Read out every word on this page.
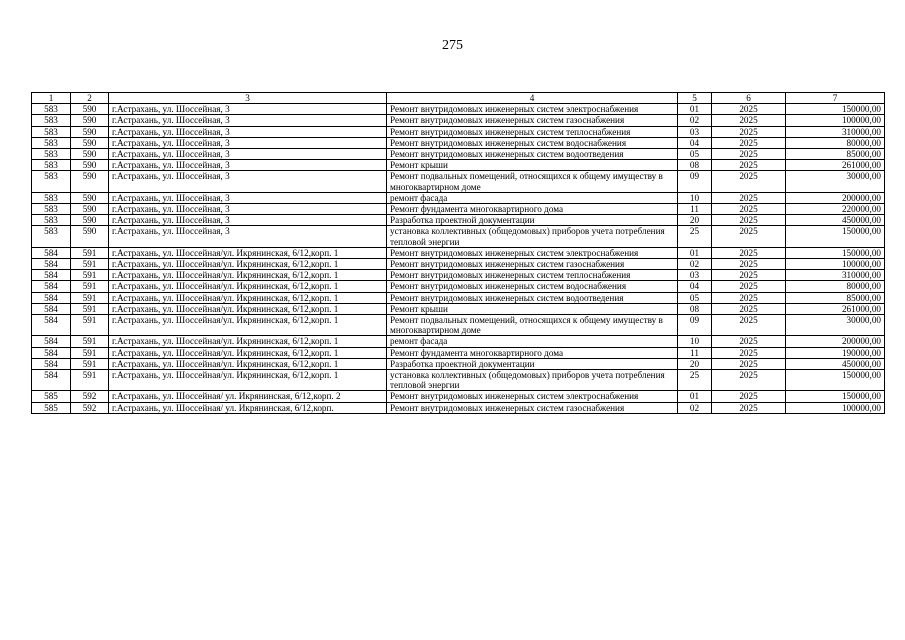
275
1	2	3	4	5	6	7
583	590	г.Астрахань, ул. Шоссейная, 3	Ремонт внутридомовых инженерных систем электроснабжения	01	2025	150000,00
583	590	г.Астрахань, ул. Шоссейная, 3	Ремонт внутридомовых инженерных систем газоснабжения	02	2025	100000,00
583	590	г.Астрахань, ул. Шоссейная, 3	Ремонт внутридомовых инженерных систем теплоснабжения	03	2025	310000,00
583	590	г.Астрахань, ул. Шоссейная, 3	Ремонт внутридомовых инженерных систем водоснабжения	04	2025	80000,00
583	590	г.Астрахань, ул. Шоссейная, 3	Ремонт внутридомовых инженерных систем водоотведения	05	2025	85000,00
583	590	г.Астрахань, ул. Шоссейная, 3	Ремонт крыши	08	2025	261000,00
583	590	г.Астрахань, ул. Шоссейная, 3	Ремонт подвальных помещений, относящихся к общему имуществу в многоквартирном доме	09	2025	30000,00
583	590	г.Астрахань, ул. Шоссейная, 3	ремонт фасада	10	2025	200000,00
583	590	г.Астрахань, ул. Шоссейная, 3	Ремонт фундамента многоквартирного дома	11	2025	220000,00
583	590	г.Астрахань, ул. Шоссейная, 3	Разработка проектной документации	20	2025	450000,00
583	590	г.Астрахань, ул. Шоссейная, 3	установка коллективных (общедомовых) приборов учета потребления тепловой энергии	25	2025	150000,00
584	591	г.Астрахань, ул. Шоссейная/ул. Икрянинская, 6/12,корп. 1	Ремонт внутридомовых инженерных систем электроснабжения	01	2025	150000,00
584	591	г.Астрахань, ул. Шоссейная/ул. Икрянинская, 6/12,корп. 1	Ремонт внутридомовых инженерных систем газоснабжения	02	2025	100000,00
584	591	г.Астрахань, ул. Шоссейная/ул. Икрянинская, 6/12,корп. 1	Ремонт внутридомовых инженерных систем теплоснабжения	03	2025	310000,00
584	591	г.Астрахань, ул. Шоссейная/ул. Икрянинская, 6/12,корп. 1	Ремонт внутридомовых инженерных систем водоснабжения	04	2025	80000,00
584	591	г.Астрахань, ул. Шоссейная/ул. Икрянинская, 6/12,корп. 1	Ремонт внутридомовых инженерных систем водоотведения	05	2025	85000,00
584	591	г.Астрахань, ул. Шоссейная/ул. Икрянинская, 6/12,корп. 1	Ремонт крыши	08	2025	261000,00
584	591	г.Астрахань, ул. Шоссейная/ул. Икрянинская, 6/12,корп. 1	Ремонт подвальных помещений, относящихся к общему имуществу в многоквартирном доме	09	2025	30000,00
584	591	г.Астрахань, ул. Шоссейная/ул. Икрянинская, 6/12,корп. 1	ремонт фасада	10	2025	200000,00
584	591	г.Астрахань, ул. Шоссейная/ул. Икрянинская, 6/12,корп. 1	Ремонт фундамента многоквартирного дома	11	2025	190000,00
584	591	г.Астрахань, ул. Шоссейная/ул. Икрянинская, 6/12,корп. 1	Разработка проектной документации	20	2025	450000,00
584	591	г.Астрахань, ул. Шоссейная/ул. Икрянинская, 6/12,корп. 1	установка коллективных (общедомовых) приборов учета потребления тепловой энергии	25	2025	150000,00
585	592	г.Астрахань, ул. Шоссейная/ ул. Икрянинская, 6/12,корп. 2	Ремонт внутридомовых инженерных систем электроснабжения	01	2025	150000,00
585	592	г.Астрахань, ул. Шоссейная/ ул. Икрянинская, 6/12,корп.	Ремонт внутридомовых инженерных систем газоснабжения	02	2025	100000,00
